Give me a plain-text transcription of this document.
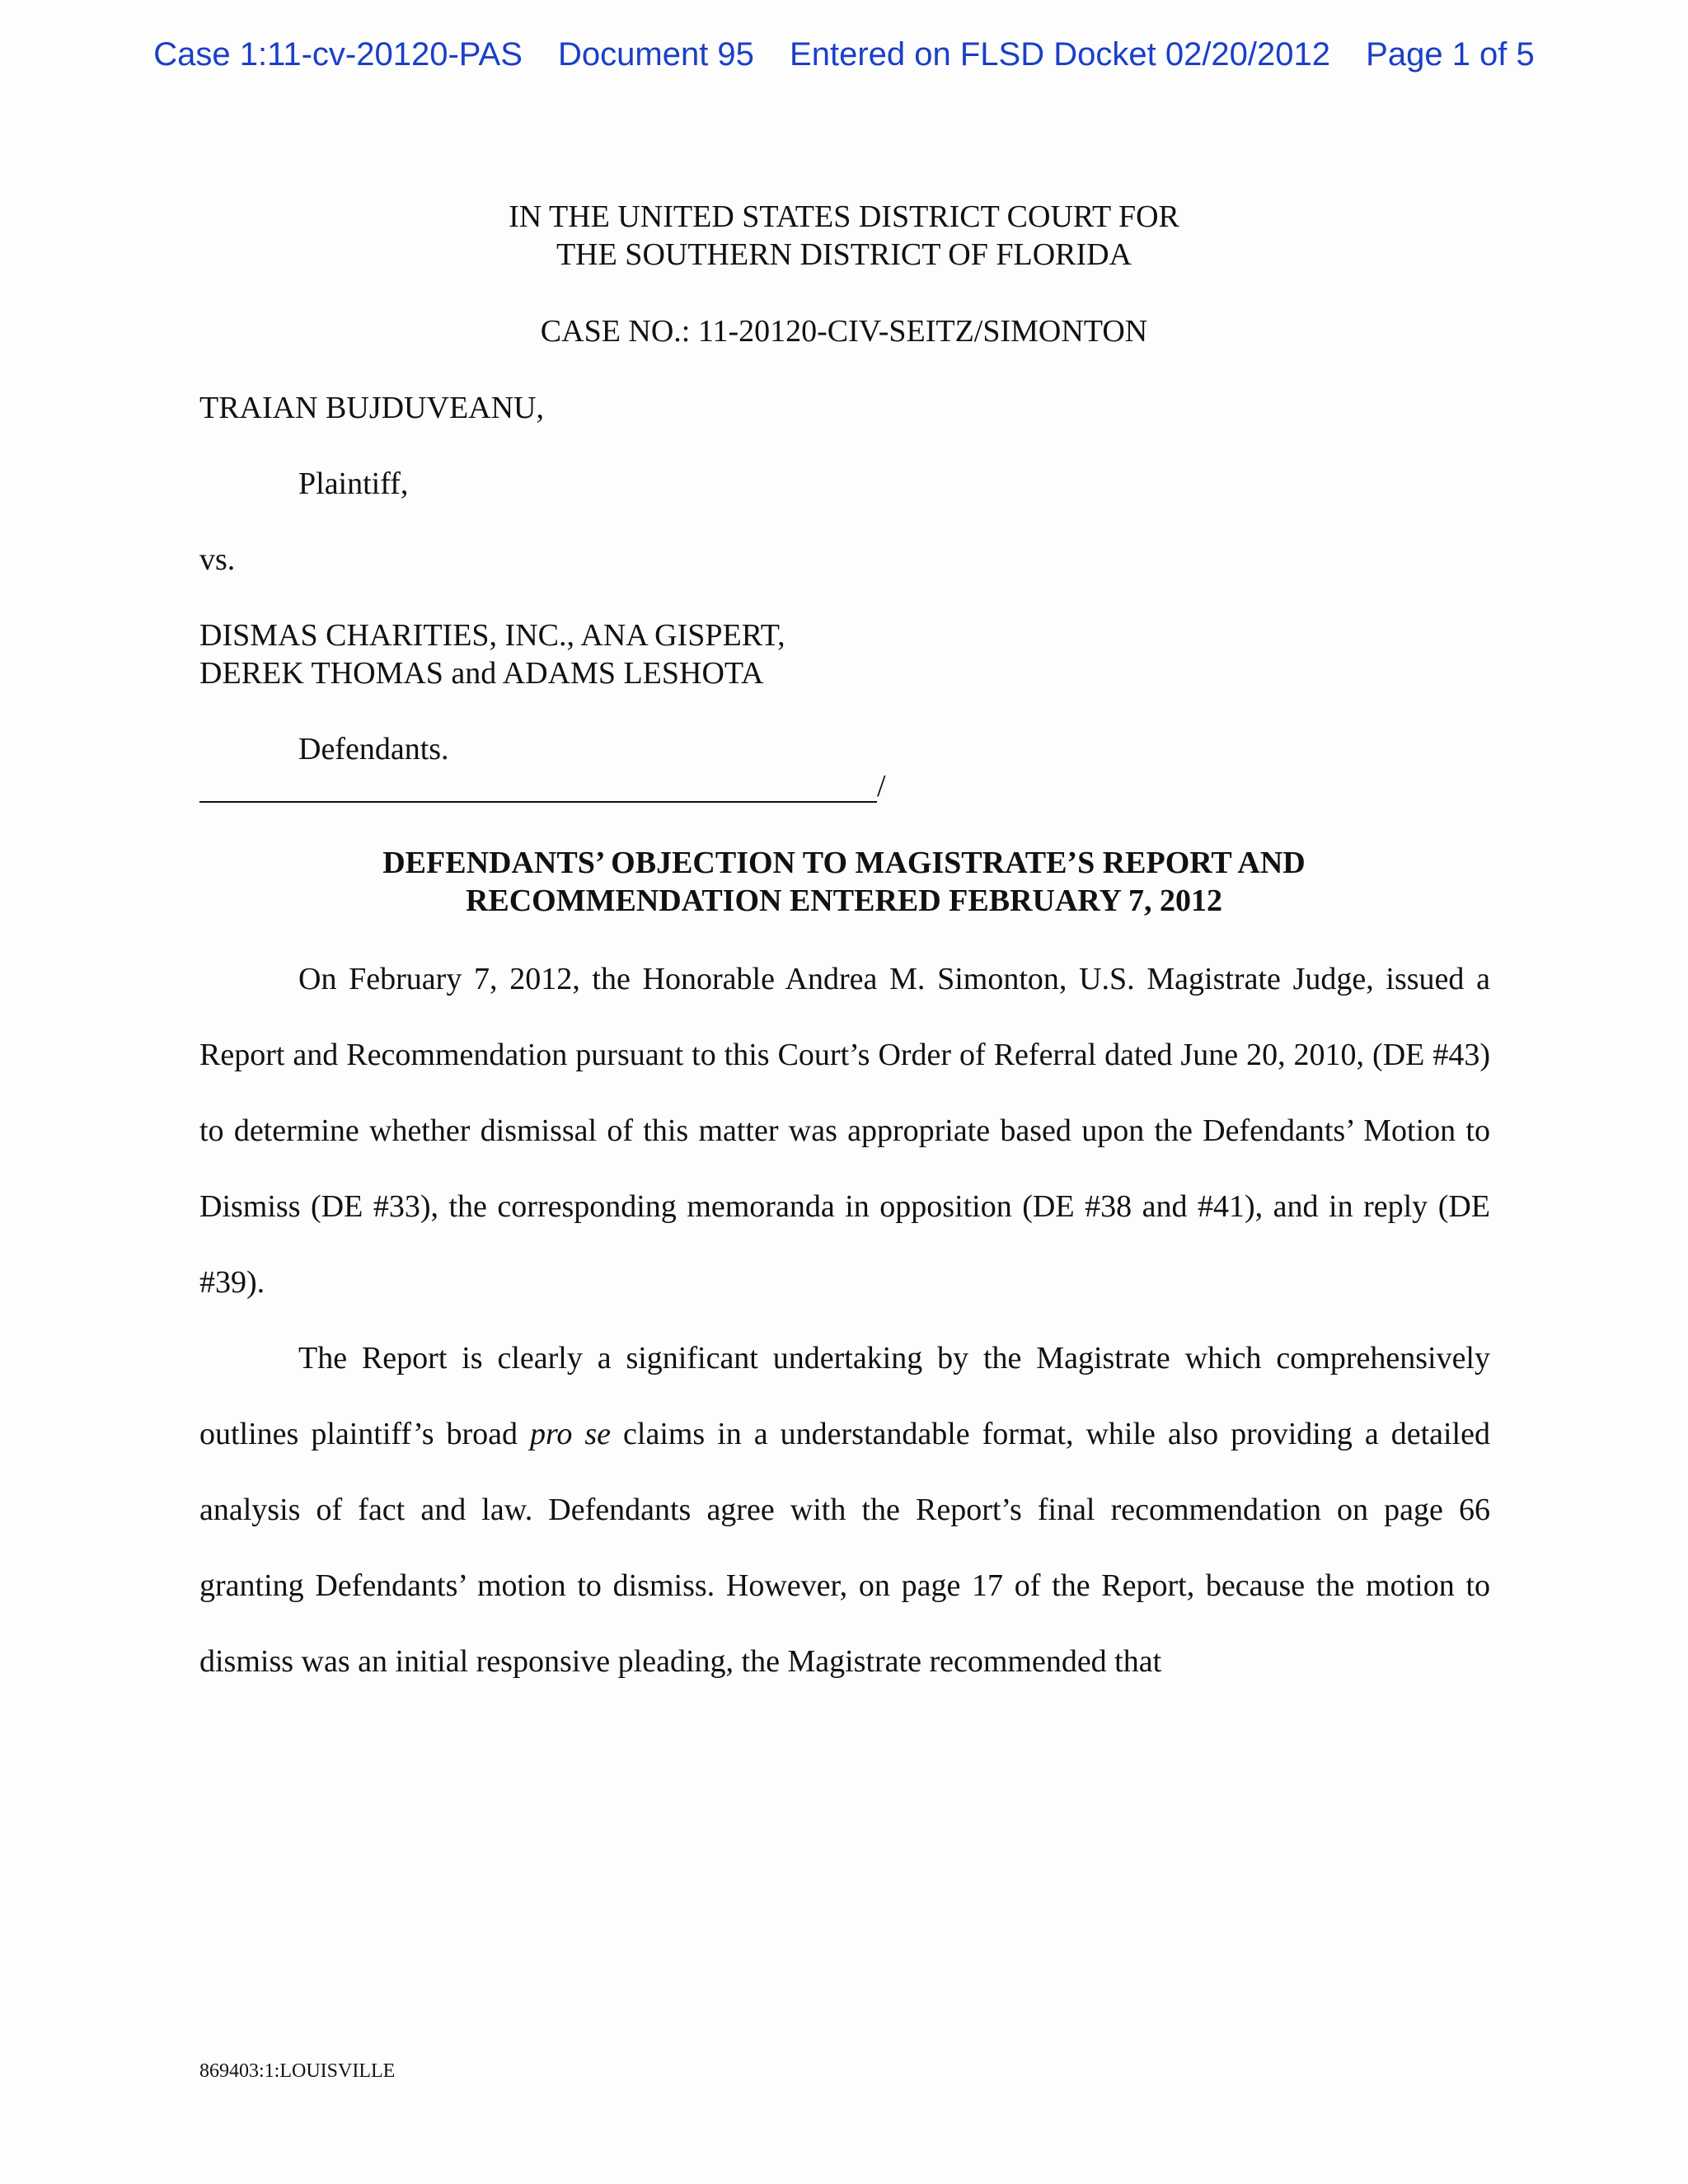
Case 1:11-cv-20120-PAS Document 95 Entered on FLSD Docket 02/20/2012 Page 1 of 5
IN THE UNITED STATES DISTRICT COURT FOR
THE SOUTHERN DISTRICT OF FLORIDA
CASE NO.: 11-20120-CIV-SEITZ/SIMONTON
TRAIAN BUJDUVEANU,
Plaintiff,
vs.
DISMAS CHARITIES, INC., ANA GISPERT,
DEREK THOMAS and ADAMS LESHOTA
Defendants.
/
DEFENDANTS’ OBJECTION TO MAGISTRATE’S REPORT AND
RECOMMENDATION ENTERED FEBRUARY 7, 2012

On February 7, 2012, the Honorable Andrea M. Simonton, U.S. Magistrate Judge, issued a Report and Recommendation pursuant to this Court’s Order of Referral dated June 20, 2010, (DE #43) to determine whether dismissal of this matter was appropriate based upon the Defendants’ Motion to Dismiss (DE #33), the corresponding memoranda in opposition (DE #38 and #41), and in reply (DE #39).

The Report is clearly a significant undertaking by the Magistrate which comprehensively outlines plaintiff’s broad pro se claims in a understandable format, while also providing a detailed analysis of fact and law. Defendants agree with the Report’s final recommendation on page 66 granting Defendants’ motion to dismiss. However, on page 17 of the Report, because the motion to dismiss was an initial responsive pleading, the Magistrate recommended that

869403:1:LOUISVILLE
